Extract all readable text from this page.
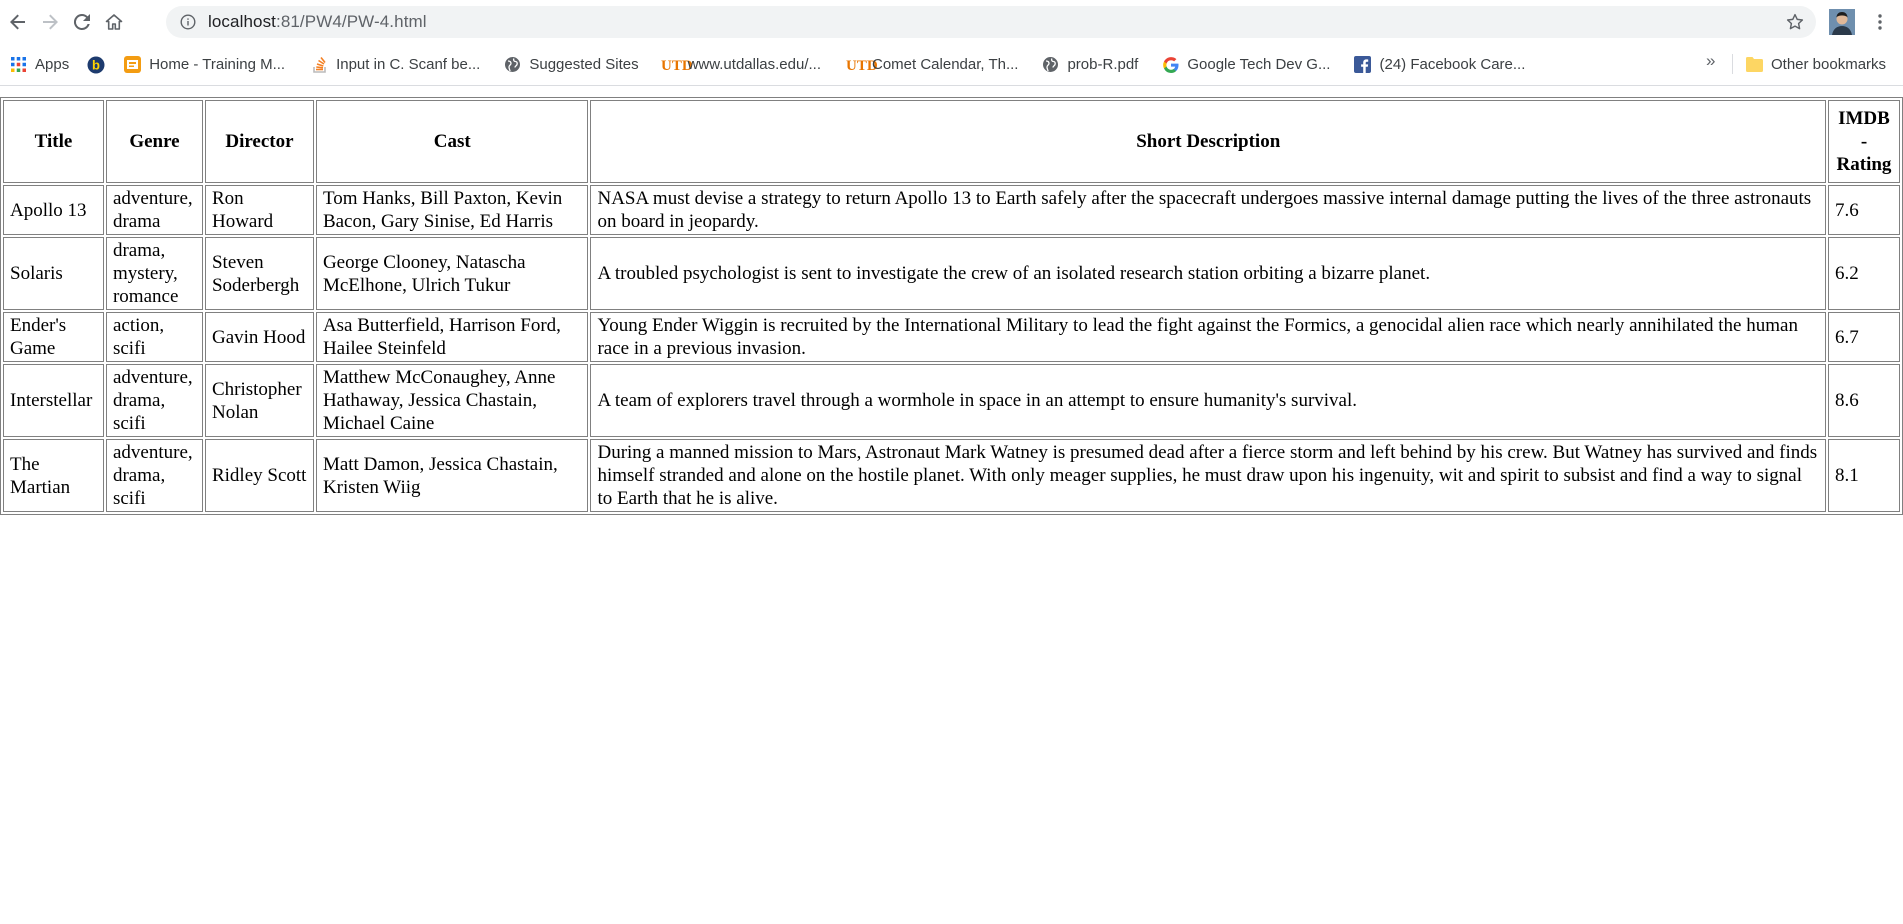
localhost:81/PW4/PW-4.html
Apps b	Home - Training M...	Input in C. Scanf be...	Suggested Sites UTD
www.utdallas.edu/... UTD
Comet Calendar, Th...	prob-R.pdf	Google Tech Dev G...	(24) Facebook Care...	»	Other bookmarks
Title	Genre	Director	Cast	Short Description	IMDB - Rating
Apollo 13	adventure, drama	Ron Howard	Tom Hanks, Bill Paxton, Kevin Bacon, Gary Sinise, Ed Harris	NASA must devise a strategy to return Apollo 13 to Earth safely after the spacecraft undergoes massive internal damage putting the lives of the three astronauts on board in jeopardy.	7.6
Solaris	drama, mystery, romance	Steven Soderbergh	George Clooney, Natascha McElhone, Ulrich Tukur	A troubled psychologist is sent to investigate the crew of an isolated research station orbiting a bizarre planet.	6.2
Ender's Game	action, scifi	Gavin Hood	Asa Butterfield, Harrison Ford, Hailee Steinfeld	Young Ender Wiggin is recruited by the International Military to lead the fight against the Formics, a genocidal alien race which nearly annihilated the human race in a previous invasion.	6.7
Interstellar	adventure, drama, scifi	Christopher Nolan	Matthew McConaughey, Anne Hathaway, Jessica Chastain, Michael Caine	A team of explorers travel through a wormhole in space in an attempt to ensure humanity's survival.	8.6
The Martian	adventure, drama, scifi	Ridley Scott	Matt Damon, Jessica Chastain, Kristen Wiig	During a manned mission to Mars, Astronaut Mark Watney is presumed dead after a fierce storm and left behind by his crew. But Watney has survived and finds himself stranded and alone on the hostile planet. With only meager supplies, he must draw upon his ingenuity, wit and spirit to subsist and find a way to signal to Earth that he is alive.	8.1
